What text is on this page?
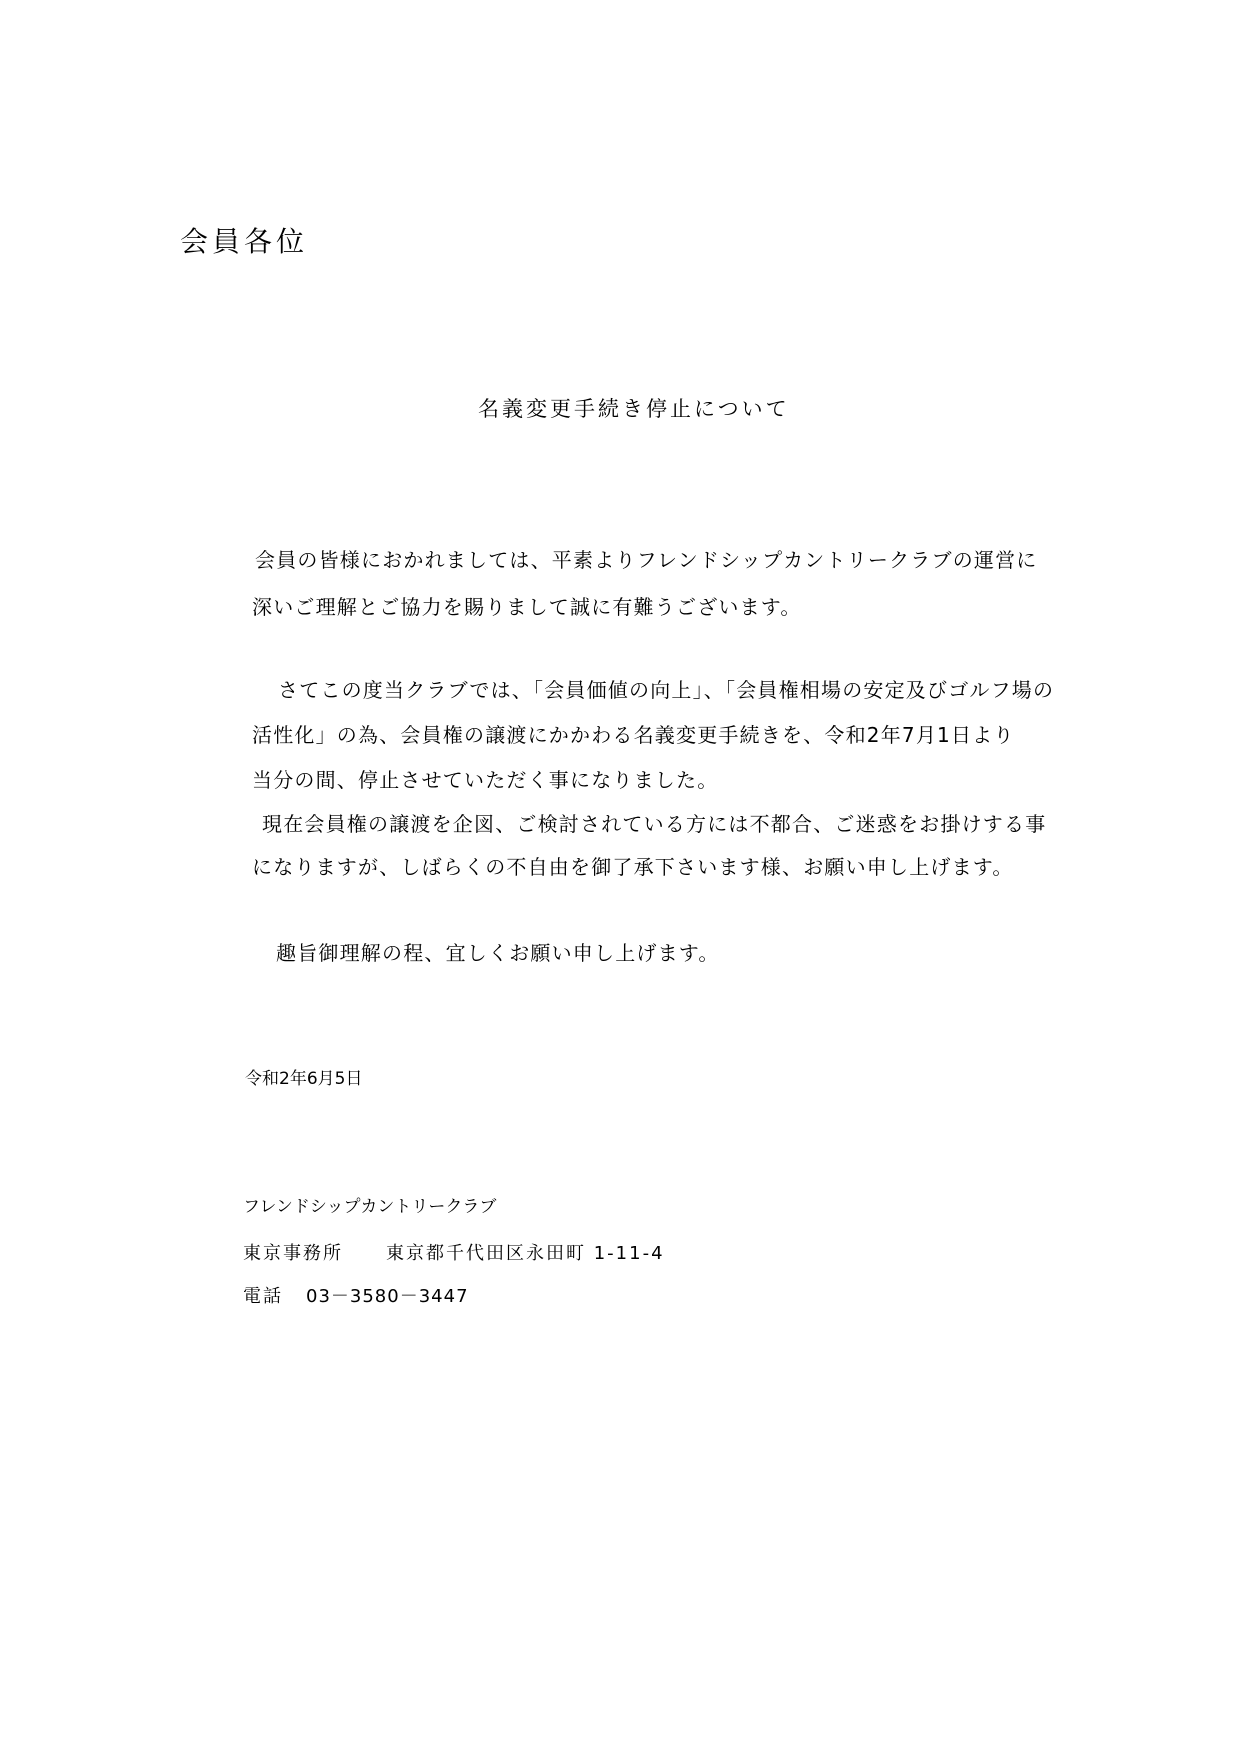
会員各位
名義変更手続き停止について

会員の皆様におかれましては、平素よりフレンドシップカントリークラブの運営に

深いご理解とご協力を賜りまして誠に有難うございます。

さてこの度当クラブでは、「会員価値の向上」、「会員権相場の安定及びゴルフ場の

活性化」の為、会員権の譲渡にかかわる名義変更手続きを、令和2年7月1日より

当分の間、停止させていただく事になりました。

現在会員権の譲渡を企図、ご検討されている方には不都合、ご迷惑をお掛けする事

になりますが、しばらくの不自由を御了承下さいます様、お願い申し上げます。

趣旨御理解の程、宜しくお願い申し上げます。

令和2年6月5日
フレンドシップカントリークラブ
東京事務所 東京都千代田区永田町 1-11-4
電話 03－3580－3447
